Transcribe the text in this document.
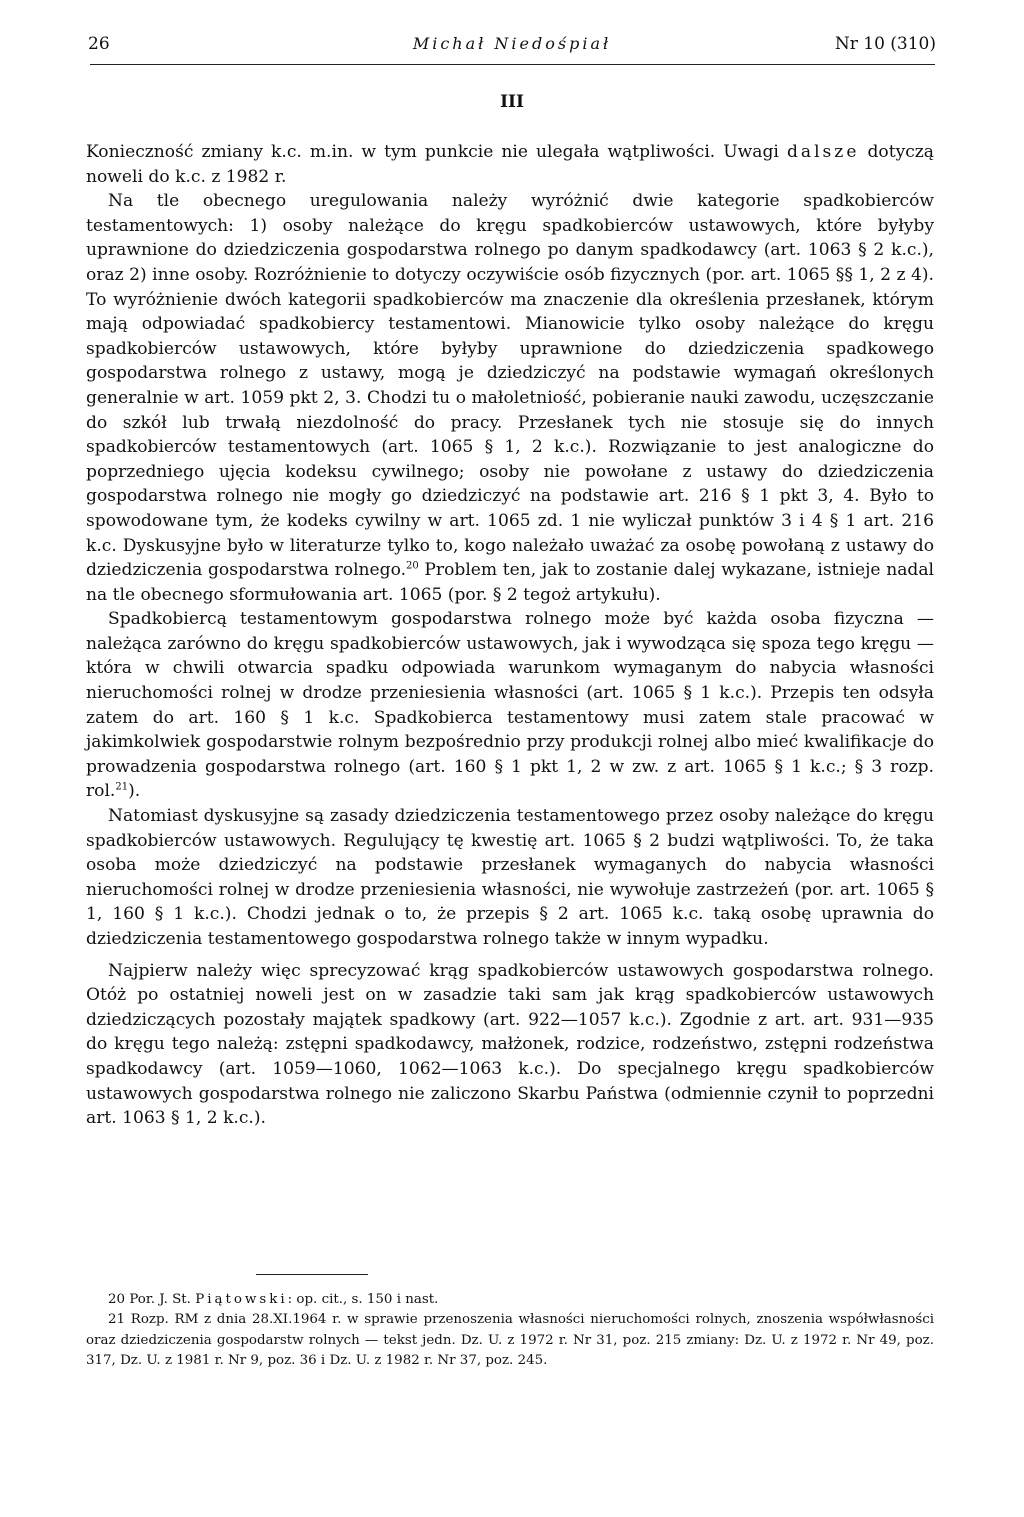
26	Michał Niedośpiał	Nr 10 (310)
III

Konieczność zmiany k.c. m.in. w tym punkcie nie ulegała wątpliwości. Uwagi dalsze dotyczą noweli do k.c. z 1982 r.

Na tle obecnego uregulowania należy wyróżnić dwie kategorie spadkobierców testamentowych: 1) osoby należące do kręgu spadkobierców ustawowych, które byłyby uprawnione do dziedziczenia gospodarstwa rolnego po danym spadkodawcy (art. 1063 § 2 k.c.), oraz 2) inne osoby. Rozróżnienie to dotyczy oczywiście osób fizycznych (por. art. 1065 §§ 1, 2 z 4). To wyróżnienie dwóch kategorii spadkobierców ma znaczenie dla określenia przesłanek, którym mają odpowiadać spadkobiercy testamentowi. Mianowicie tylko osoby należące do kręgu spadkobierców ustawowych, które byłyby uprawnione do dziedziczenia spadkowego gospodarstwa rolnego z ustawy, mogą je dziedziczyć na podstawie wymagań określonych generalnie w art. 1059 pkt 2, 3. Chodzi tu o małoletniość, pobieranie nauki zawodu, uczęszczanie do szkół lub trwałą niezdolność do pracy. Przesłanek tych nie stosuje się do innych spadkobierców testamentowych (art. 1065 § 1, 2 k.c.). Rozwiązanie to jest analogiczne do poprzedniego ujęcia kodeksu cywilnego; osoby nie powołane z ustawy do dziedziczenia gospodarstwa rolnego nie mogły go dziedziczyć na podstawie art. 216 § 1 pkt 3, 4. Było to spowodowane tym, że kodeks cywilny w art. 1065 zd. 1 nie wyliczał punktów 3 i 4 § 1 art. 216 k.c. Dyskusyjne było w literaturze tylko to, kogo należało uważać za osobę powołaną z ustawy do dziedziczenia gospodarstwa rolnego.$^{20}$ Problem ten, jak to zostanie dalej wykazane, istnieje nadal na tle obecnego sformułowania art. 1065 (por. § 2 tegoż artykułu).

Spadkobiercą testamentowym gospodarstwa rolnego może być każda osoba fizyczna — należąca zarówno do kręgu spadkobierców ustawowych, jak i wywodząca się spoza tego kręgu — która w chwili otwarcia spadku odpowiada warunkom wymaganym do nabycia własności nieruchomości rolnej w drodze przeniesienia własności (art. 1065 § 1 k.c.). Przepis ten odsyła zatem do art. 160 § 1 k.c. Spadkobierca testamentowy musi zatem stale pracować w jakimkolwiek gospodarstwie rolnym bezpośrednio przy produkcji rolnej albo mieć kwalifikacje do prowadzenia gospodarstwa rolnego (art. 160 § 1 pkt 1, 2 w zw. z art. 1065 § 1 k.c.; § 3 rozp. rol.$^{21}$).

Natomiast dyskusyjne są zasady dziedziczenia testamentowego przez osoby należące do kręgu spadkobierców ustawowych. Regulujący tę kwestię art. 1065 § 2 budzi wątpliwości. To, że taka osoba może dziedziczyć na podstawie przesłanek wymaganych do nabycia własności nieruchomości rolnej w drodze przeniesienia własności, nie wywołuje zastrzeżeń (por. art. 1065 § 1, 160 § 1 k.c.). Chodzi jednak o to, że przepis § 2 art. 1065 k.c. taką osobę uprawnia do dziedziczenia testamentowego gospodarstwa rolnego także w innym wypadku.

Najpierw należy więc sprecyzować krąg spadkobierców ustawowych gospodarstwa rolnego. Otóż po ostatniej noweli jest on w zasadzie taki sam jak krąg spadkobierców ustawowych dziedziczących pozostały majątek spadkowy (art. 922—1057 k.c.). Zgodnie z art. art. 931—935 do kręgu tego należą: zstępni spadkodawcy, małżonek, rodzice, rodzeństwo, zstępni rodzeństwa spadkodawcy (art. 1059—1060, 1062—1063 k.c.). Do specjalnego kręgu spadkobierców ustawowych gospodarstwa rolnego nie zaliczono Skarbu Państwa (odmiennie czynił to poprzedni art. 1063 § 1, 2 k.c.).

20 Por. J. St. Piątowski: op. cit., s. 150 i nast.

21 Rozp. RM z dnia 28.XI.1964 r. w sprawie przenoszenia własności nieruchomości rolnych, znoszenia współwłasności oraz dziedziczenia gospodarstw rolnych — tekst jedn. Dz. U. z 1972 r. Nr 31, poz. 215 zmiany: Dz. U. z 1972 r. Nr 49, poz. 317, Dz. U. z 1981 r. Nr 9, poz. 36 i Dz. U. z 1982 r. Nr 37, poz. 245.
